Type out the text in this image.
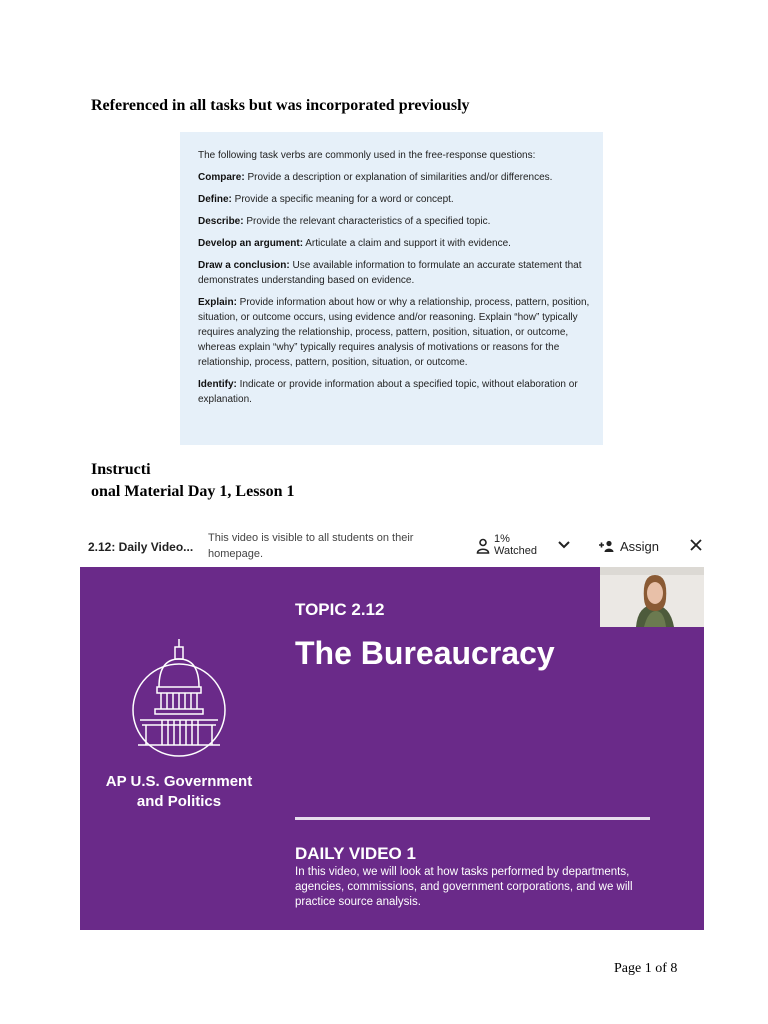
Referenced in all tasks but was incorporated previously

The following task verbs are commonly used in the free-response questions:

Compare: Provide a description or explanation of similarities and/or differences.

Define: Provide a specific meaning for a word or concept.

Describe: Provide the relevant characteristics of a specified topic.

Develop an argument: Articulate a claim and support it with evidence.

Draw a conclusion: Use available information to formulate an accurate statement that demonstrates understanding based on evidence.

Explain: Provide information about how or why a relationship, process, pattern, position, situation, or outcome occurs, using evidence and/or reasoning. Explain “how” typically requires analyzing the relationship, process, pattern, position, situation, or outcome, whereas explain “why” typically requires analysis of motivations or reasons for the relationship, process, pattern, position, situation, or outcome.

Identify: Indicate or provide information about a specified topic, without elaboration or explanation.

Instructi
onal Material Day 1, Lesson 1
2.12: Daily Video...
This video is visible to all students on their homepage.
1%
Watched	Assign
AP U.S. Government
and Politics
TOPIC 2.12
The Bureaucracy
DAILY VIDEO 1
In this video, we will look at how tasks performed by departments, agencies, commissions, and government corporations, and we will practice source analysis.
Page 1 of 8
